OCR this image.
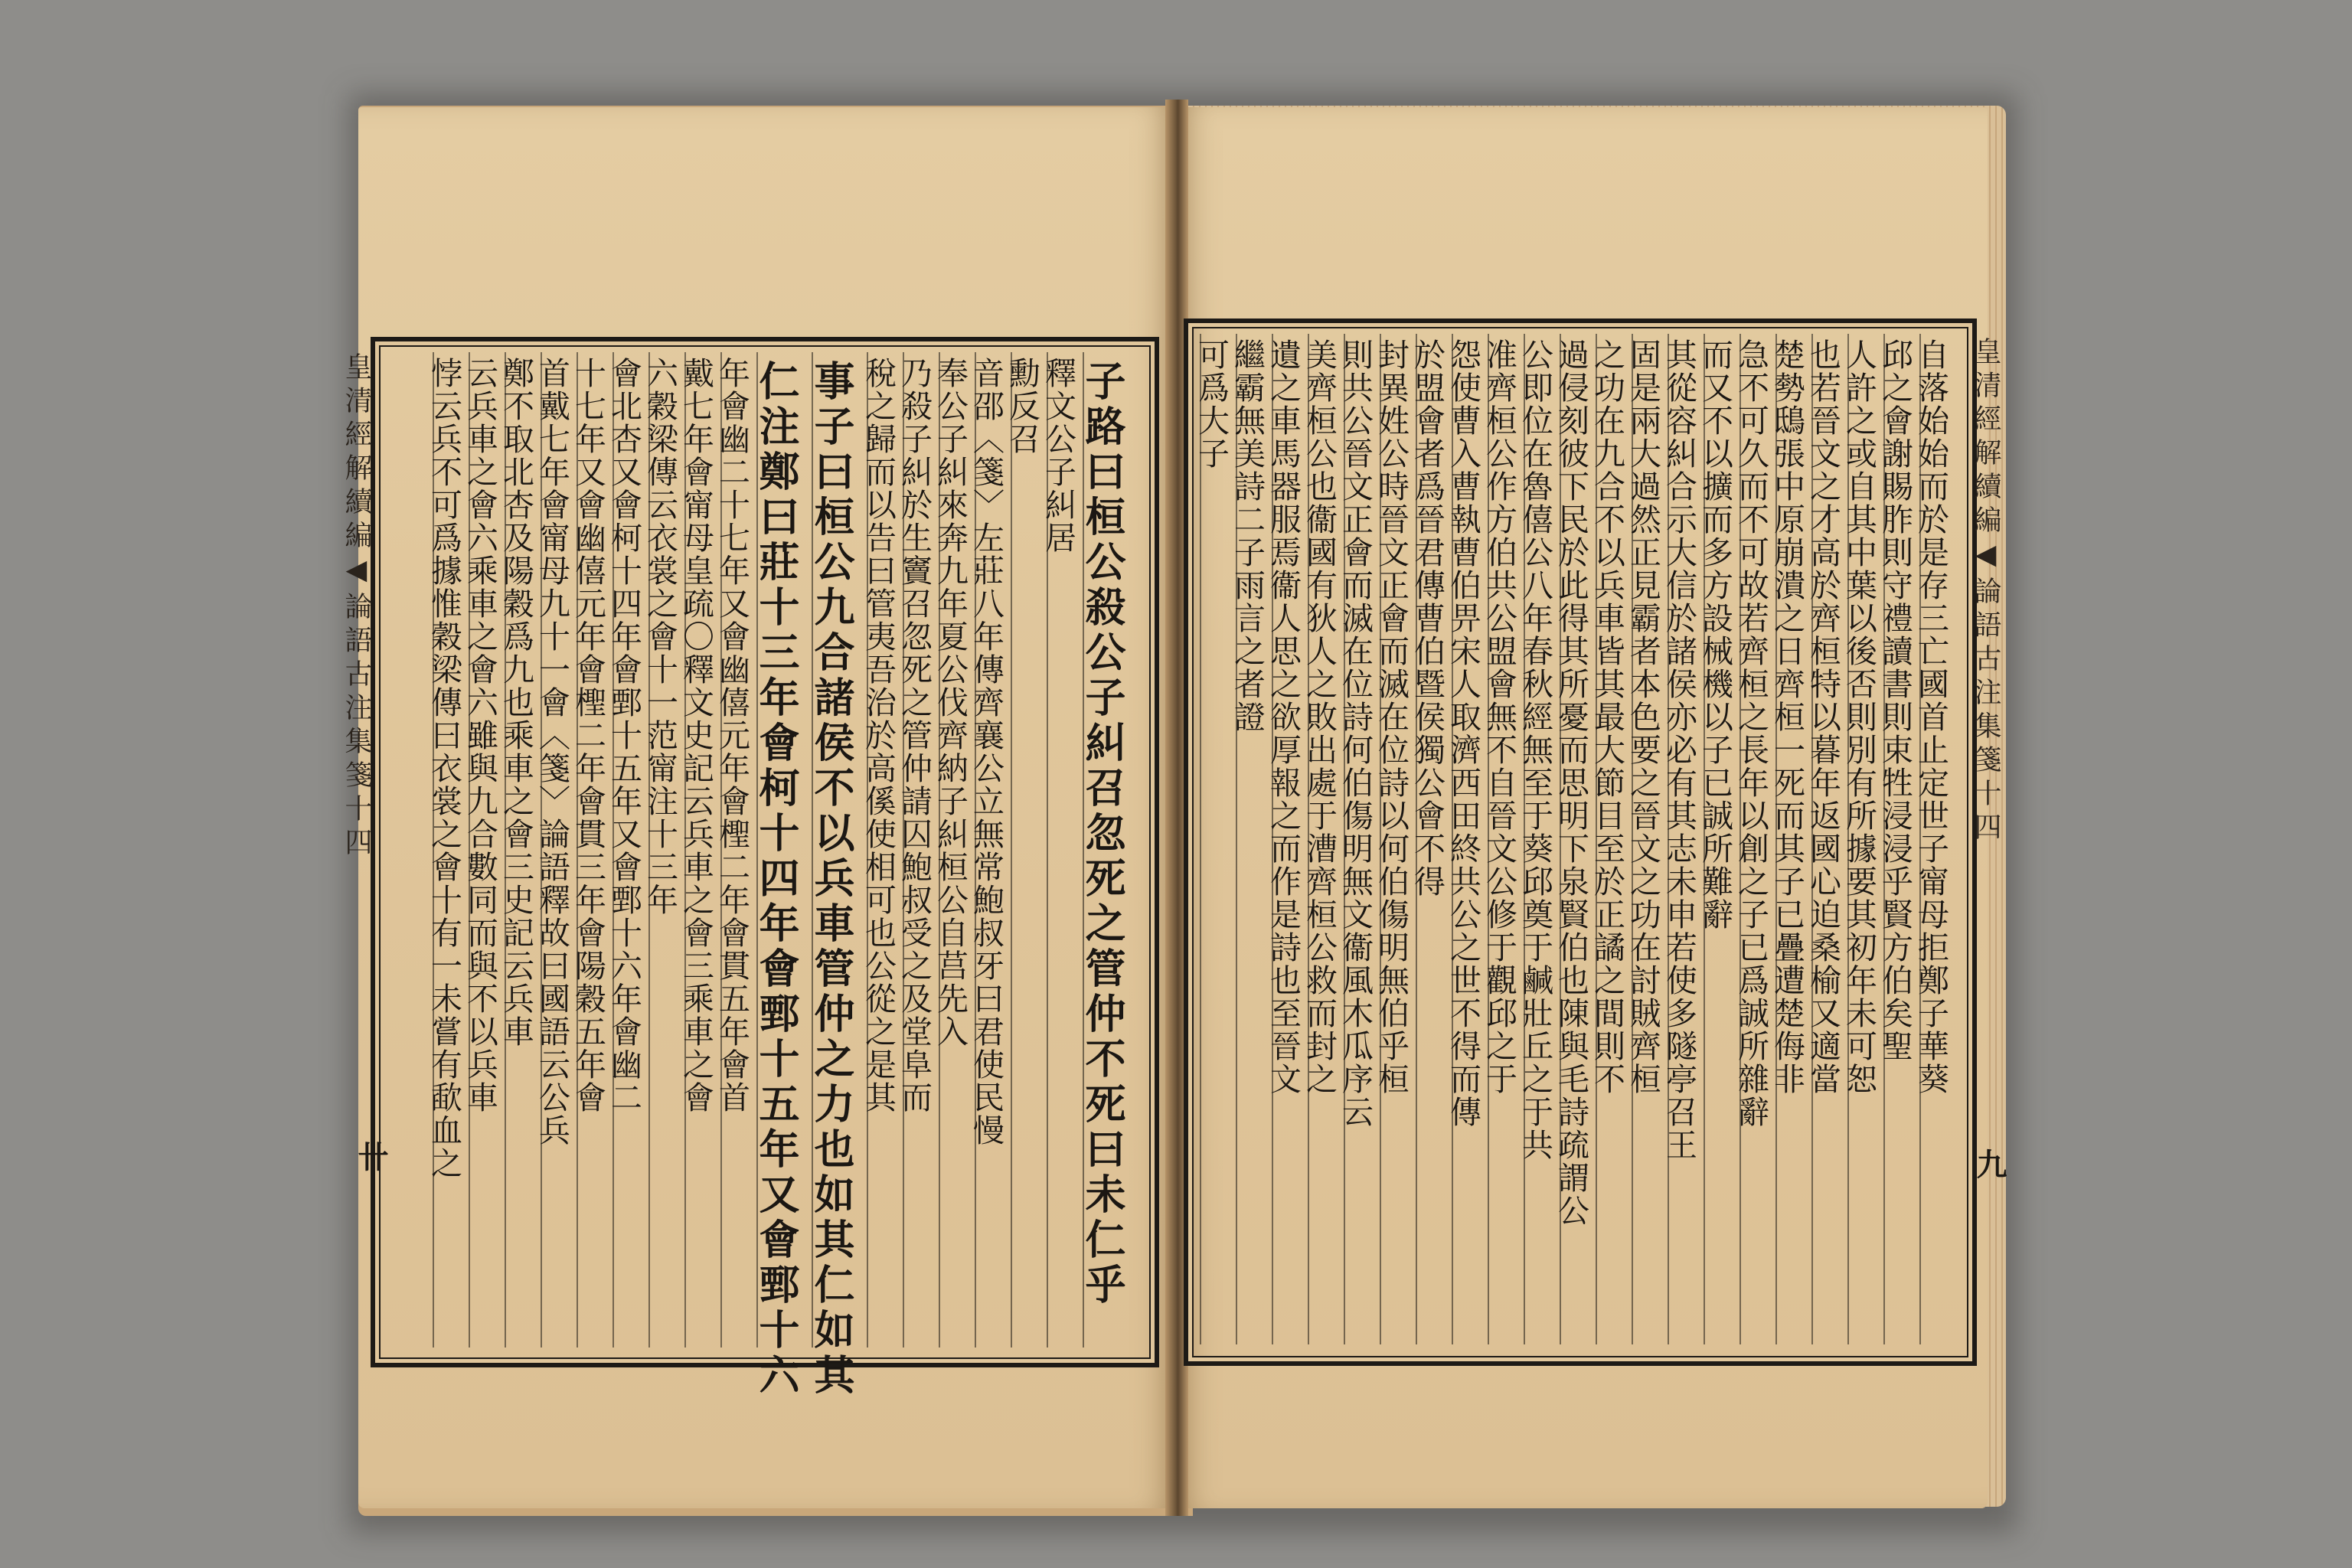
子路曰桓公殺公子糾召忽死之管仲不死曰未仁乎
釋文公子糾居
勳反召
音邵〈箋〉左莊八年傳齊襄公立無常鮑叔牙曰君使民慢
奉公子糾來奔九年夏公伐齊納子糾桓公自莒先入
乃殺子糾於生竇召忽死之管仲請囚鮑叔受之及堂阜而
稅之歸而以告曰管夷吾治於高傒使相可也公從之是其
事子曰桓公九合諸侯不以兵車管仲之力也如其仁如其
仁注鄭曰莊十三年會柯十四年會鄄十五年又會鄄十六
年會幽二十七年又會幽僖元年會檉二年會貫五年會首
戴七年會甯母皇疏〇釋文史記云兵車之會三乘車之會
六穀梁傳云衣裳之會十一范甯注十三年
會北杏又會柯十四年會鄄十五年又會鄄十六年會幽二
十七年又會幽僖元年會檉二年會貫三年會陽穀五年會
首戴七年會甯母九十一會〈箋〉論語釋故曰國語云公兵
鄭不取北杏及陽穀爲九也乘車之會三史記云兵車
云兵車之會六乘車之會六雖與九合數同而與不以兵車
悖云兵不可爲據惟穀梁傳曰衣裳之會十有一未嘗有歃血之
皇清經解續編◀論語古注集箋十四
卄
自落始始而於是存三亡國首止定世子甯母拒鄭子華葵
邱之會謝賜胙則守禮讀書則束牲浸浸乎賢方伯矣聖
人許之或自其中葉以後否則別有所據要其初年未可恕
也若晉文之才高於齊桓特以暮年返國心迫桑榆又適當
楚勢鴟張中原崩潰之日齊桓一死而其子已疊遭楚侮非
急不可久而不可故若齊桓之長年以創之子已爲誠所雜辭
而又不以擴而多方設械機以子已誠所難辭
其從容糾合示大信於諸侯亦必有其志未申若使多隧亭召王
固是兩大過然正見霸者本色要之晉文之功在討賊齊桓
之功在九合不以兵車皆其最大節目至於正譎之間則不
過侵刻彼下民於此得其所憂而思明下泉賢伯也陳與毛詩疏謂公
公即位在魯僖公八年春秋經無至于葵邱奠于鹹壯丘之于共
准齊桓公作方伯共公盟會無不自晉文公修于觀邱之于
怨使曹入曹執曹伯畀宋人取濟西田終共公之世不得而傳
於盟會者爲晉君傳曹伯暨侯獨公會不得
封異姓公時晉文正會而滅在位詩以何伯傷明無伯乎桓
則共公晉文正會而滅在位詩何伯傷明無文衞風木瓜序云
美齊桓公也衞國有狄人之敗出處于漕齊桓公救而封之
遺之車馬器服焉衞人思之欲厚報之而作是詩也至晉文
繼霸無美詩二子雨言之者證
可爲大子	皇清經解續編◀論語古注集箋十四
九
